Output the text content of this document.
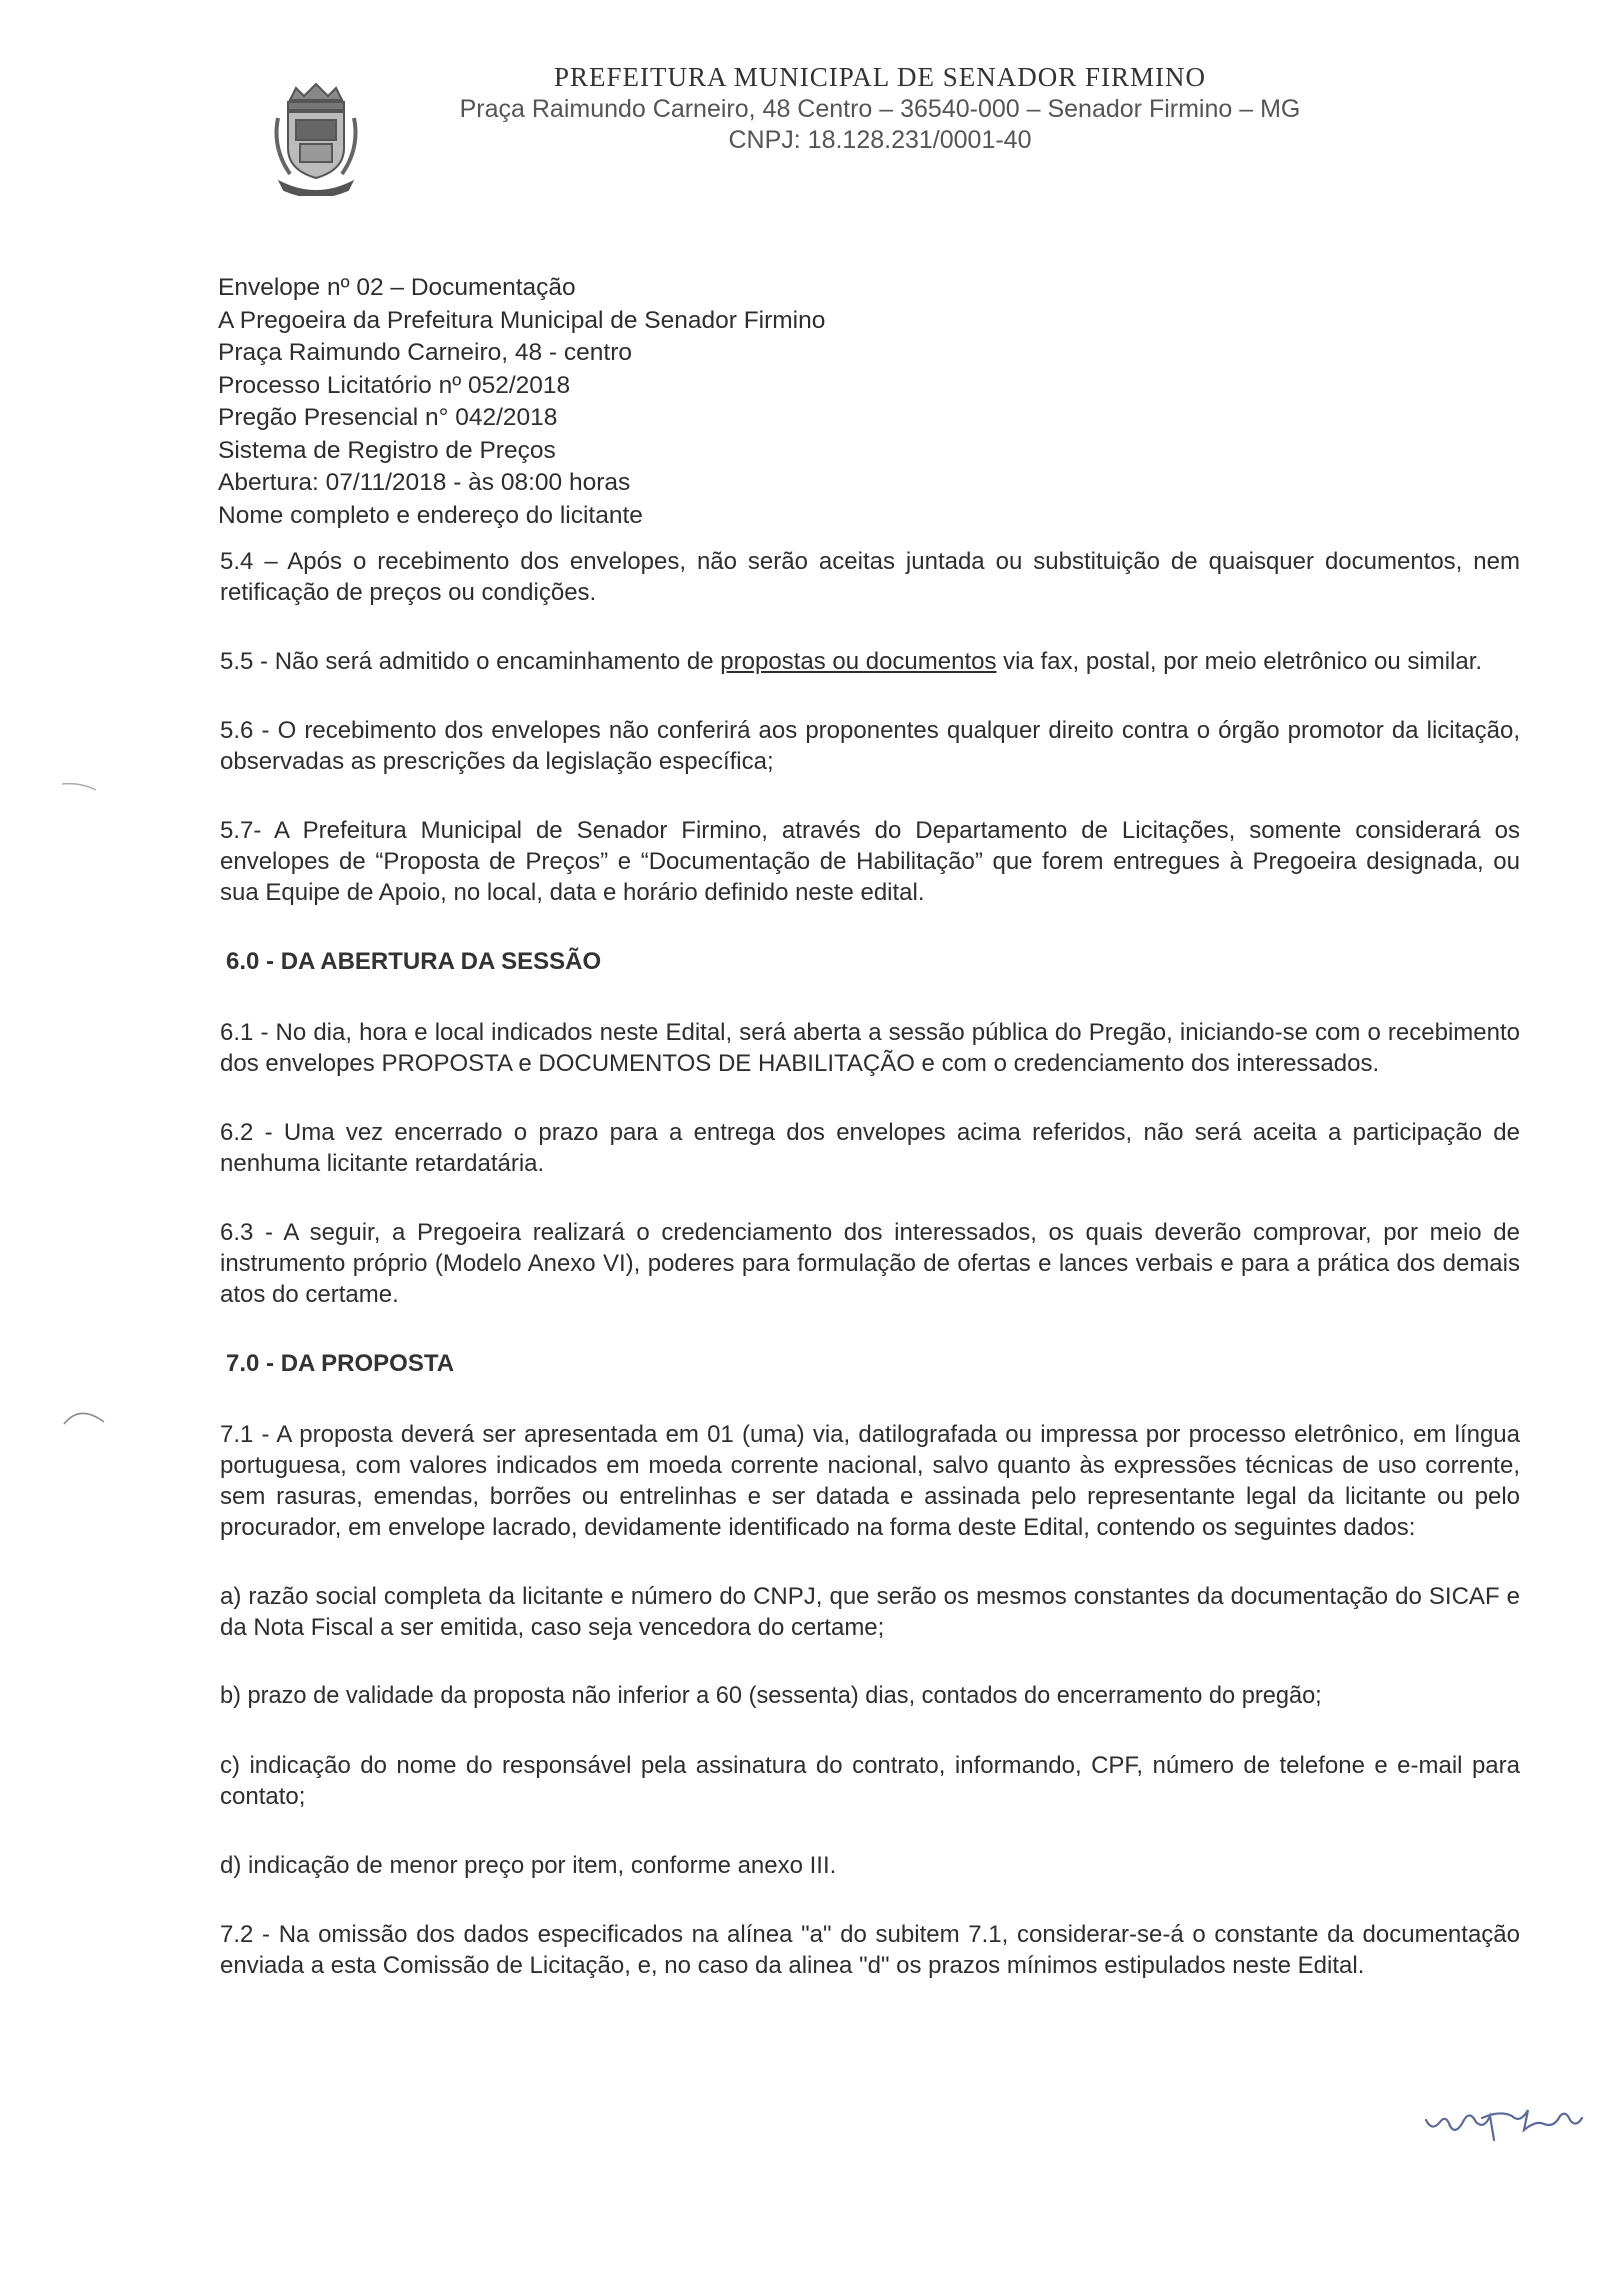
PREFEITURA MUNICIPAL DE SENADOR FIRMINO
Praça Raimundo Carneiro, 48 Centro – 36540-000 – Senador Firmino – MG
CNPJ: 18.128.231/0001-40
Envelope nº 02 – Documentação
A Pregoeira da Prefeitura Municipal de Senador Firmino
Praça Raimundo Carneiro, 48 - centro
Processo Licitatório nº 052/2018
Pregão Presencial n° 042/2018
Sistema de Registro de Preços
Abertura: 07/11/2018 - às 08:00 horas
Nome completo e endereço do licitante

5.4 – Após o recebimento dos envelopes, não serão aceitas juntada ou substituição de quaisquer documentos, nem retificação de preços ou condições.

5.5 - Não será admitido o encaminhamento de propostas ou documentos via fax, postal, por meio eletrônico ou similar.

5.6 - O recebimento dos envelopes não conferirá aos proponentes qualquer direito contra o órgão promotor da licitação, observadas as prescrições da legislação específica;

5.7- A Prefeitura Municipal de Senador Firmino, através do Departamento de Licitações, somente considerará os envelopes de “Proposta de Preços” e “Documentação de Habilitação” que forem entregues à Pregoeira designada, ou sua Equipe de Apoio, no local, data e horário definido neste edital.

6.0 - DA ABERTURA DA SESSÃO

6.1 - No dia, hora e local indicados neste Edital, será aberta a sessão pública do Pregão, iniciando-se com o recebimento dos envelopes PROPOSTA e DOCUMENTOS DE HABILITAÇÃO e com o credenciamento dos interessados.

6.2 - Uma vez encerrado o prazo para a entrega dos envelopes acima referidos, não será aceita a participação de nenhuma licitante retardatária.

6.3 - A seguir, a Pregoeira realizará o credenciamento dos interessados, os quais deverão comprovar, por meio de instrumento próprio (Modelo Anexo VI), poderes para formulação de ofertas e lances verbais e para a prática dos demais atos do certame.

7.0 - DA PROPOSTA

7.1 - A proposta deverá ser apresentada em 01 (uma) via, datilografada ou impressa por processo eletrônico, em língua portuguesa, com valores indicados em moeda corrente nacional, salvo quanto às expressões técnicas de uso corrente, sem rasuras, emendas, borrões ou entrelinhas e ser datada e assinada pelo representante legal da licitante ou pelo procurador, em envelope lacrado, devidamente identificado na forma deste Edital, contendo os seguintes dados:

a) razão social completa da licitante e número do CNPJ, que serão os mesmos constantes da documentação do SICAF e da Nota Fiscal a ser emitida, caso seja vencedora do certame;

b) prazo de validade da proposta não inferior a 60 (sessenta) dias, contados do encerramento do pregão;

c) indicação do nome do responsável pela assinatura do contrato, informando, CPF, número de telefone e e-mail para contato;

d) indicação de menor preço por item, conforme anexo III.

7.2 - Na omissão dos dados especificados na alínea "a" do subitem 7.1, considerar-se-á o constante da documentação enviada a esta Comissão de Licitação, e, no caso da alinea "d" os prazos mínimos estipulados neste Edital.
